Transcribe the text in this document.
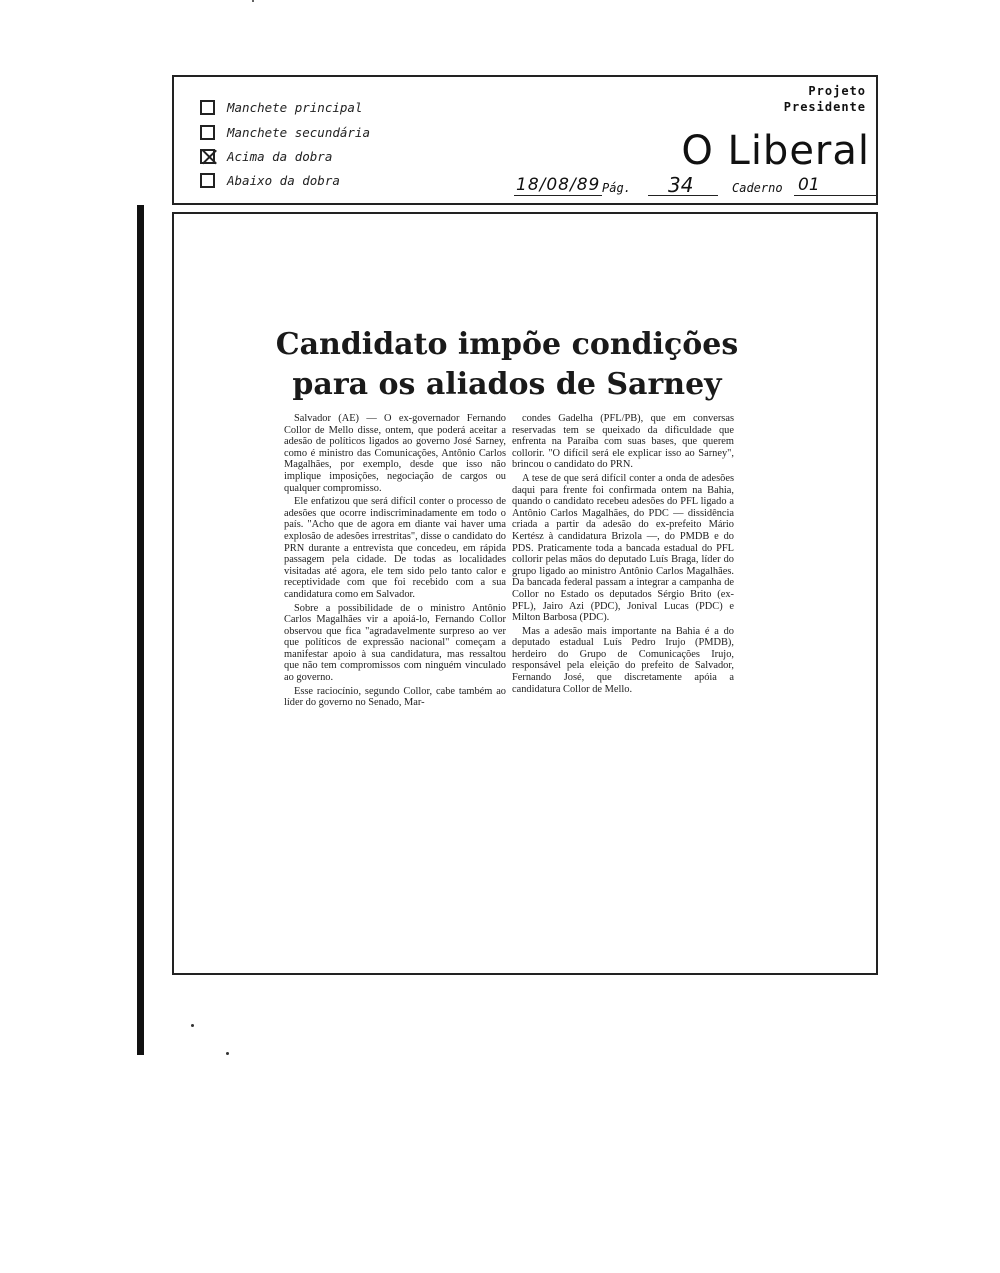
Manchete principal
Manchete secundária
Acima da dobra
Abaixo da dobra
Projeto
Presidente
O Liberal
18/08/89 Pág. 34	Caderno 01
Candidato impõe condições
para os aliados de Sarney

Salvador (AE) — O ex-governador Fernando Collor de Mello disse, ontem, que poderá aceitar a adesão de políticos ligados ao governo José Sarney, como é ministro das Comunicações, Antônio Carlos Magalhães, por exemplo, desde que isso não implique imposições, negociação de cargos ou qualquer compromisso.

Ele enfatizou que será difícil conter o processo de adesões que ocorre indiscriminadamente em todo o país. "Acho que de agora em diante vai haver uma explosão de adesões irrestritas", disse o candidato do PRN durante a entrevista que concedeu, em rápida passagem pela cidade. De todas as localidades visitadas até agora, ele tem sido pelo tanto calor e receptividade com que foi recebido com a sua candidatura como em Salvador.

Sobre a possibilidade de o ministro Antônio Carlos Magalhães vir a apoiá-lo, Fernando Collor observou que fica "agradavelmente surpreso ao ver que políticos de expressão nacional" começam a manifestar apoio à sua candidatura, mas ressaltou que não tem compromissos com ninguém vinculado ao governo.

Esse raciocínio, segundo Collor, cabe também ao líder do governo no Senado, Mar-

condes Gadelha (PFL/PB), que em conversas reservadas tem se queixado da dificuldade que enfrenta na Paraíba com suas bases, que querem collorir. "O difícil será ele explicar isso ao Sarney", brincou o candidato do PRN.

A tese de que será difícil conter a onda de adesões daqui para frente foi confirmada ontem na Bahia, quando o candidato recebeu adesões do PFL ligado a Antônio Carlos Magalhães, do PDC — dissidência criada a partir da adesão do ex-prefeito Mário Kertész à candidatura Brizola —, do PMDB e do PDS. Praticamente toda a bancada estadual do PFL collorir pelas mãos do deputado Luís Braga, líder do grupo ligado ao ministro Antônio Carlos Magalhães. Da bancada federal passam a integrar a campanha de Collor no Estado os deputados Sérgio Brito (ex-PFL), Jairo Azi (PDC), Jonival Lucas (PDC) e Milton Barbosa (PDC).

Mas a adesão mais importante na Bahia é a do deputado estadual Luís Pedro Irujo (PMDB), herdeiro do Grupo de Comunicações Irujo, responsável pela eleição do prefeito de Salvador, Fernando José, que discretamente apóia a candidatura Collor de Mello.
